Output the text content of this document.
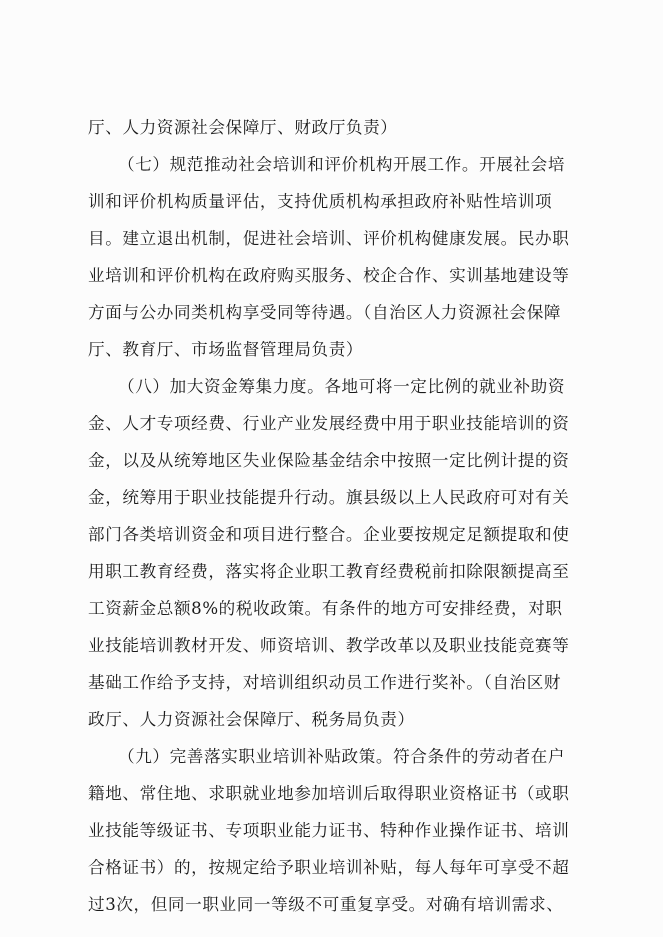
厅、人力资源社会保障厅、财政厅负责）
（七）规范推动社会培训和评价机构开展工作。开展社会培
训和评价机构质量评估，支持优质机构承担政府补贴性培训项
目。建立退出机制，促进社会培训、评价机构健康发展。民办职
业培训和评价机构在政府购买服务、校企合作、实训基地建设等
方面与公办同类机构享受同等待遇。（自治区人力资源社会保障
厅、教育厅、市场监督管理局负责）
（八）加大资金筹集力度。各地可将一定比例的就业补助资
金、人才专项经费、行业产业发展经费中用于职业技能培训的资
金，以及从统筹地区失业保险基金结余中按照一定比例计提的资
金，统筹用于职业技能提升行动。旗县级以上人民政府可对有关
部门各类培训资金和项目进行整合。企业要按规定足额提取和使
用职工教育经费，落实将企业职工教育经费税前扣除限额提高至
工资薪金总额8%的税收政策。有条件的地方可安排经费，对职
业技能培训教材开发、师资培训、教学改革以及职业技能竞赛等
基础工作给予支持，对培训组织动员工作进行奖补。（自治区财
政厅、人力资源社会保障厅、税务局负责）
（九）完善落实职业培训补贴政策。符合条件的劳动者在户
籍地、常住地、求职就业地参加培训后取得职业资格证书（或职
业技能等级证书、专项职业能力证书、特种作业操作证书、培训
合格证书）的，按规定给予职业培训补贴，每人每年可享受不超
过3次，但同一职业同一等级不可重复享受。对确有培训需求、
